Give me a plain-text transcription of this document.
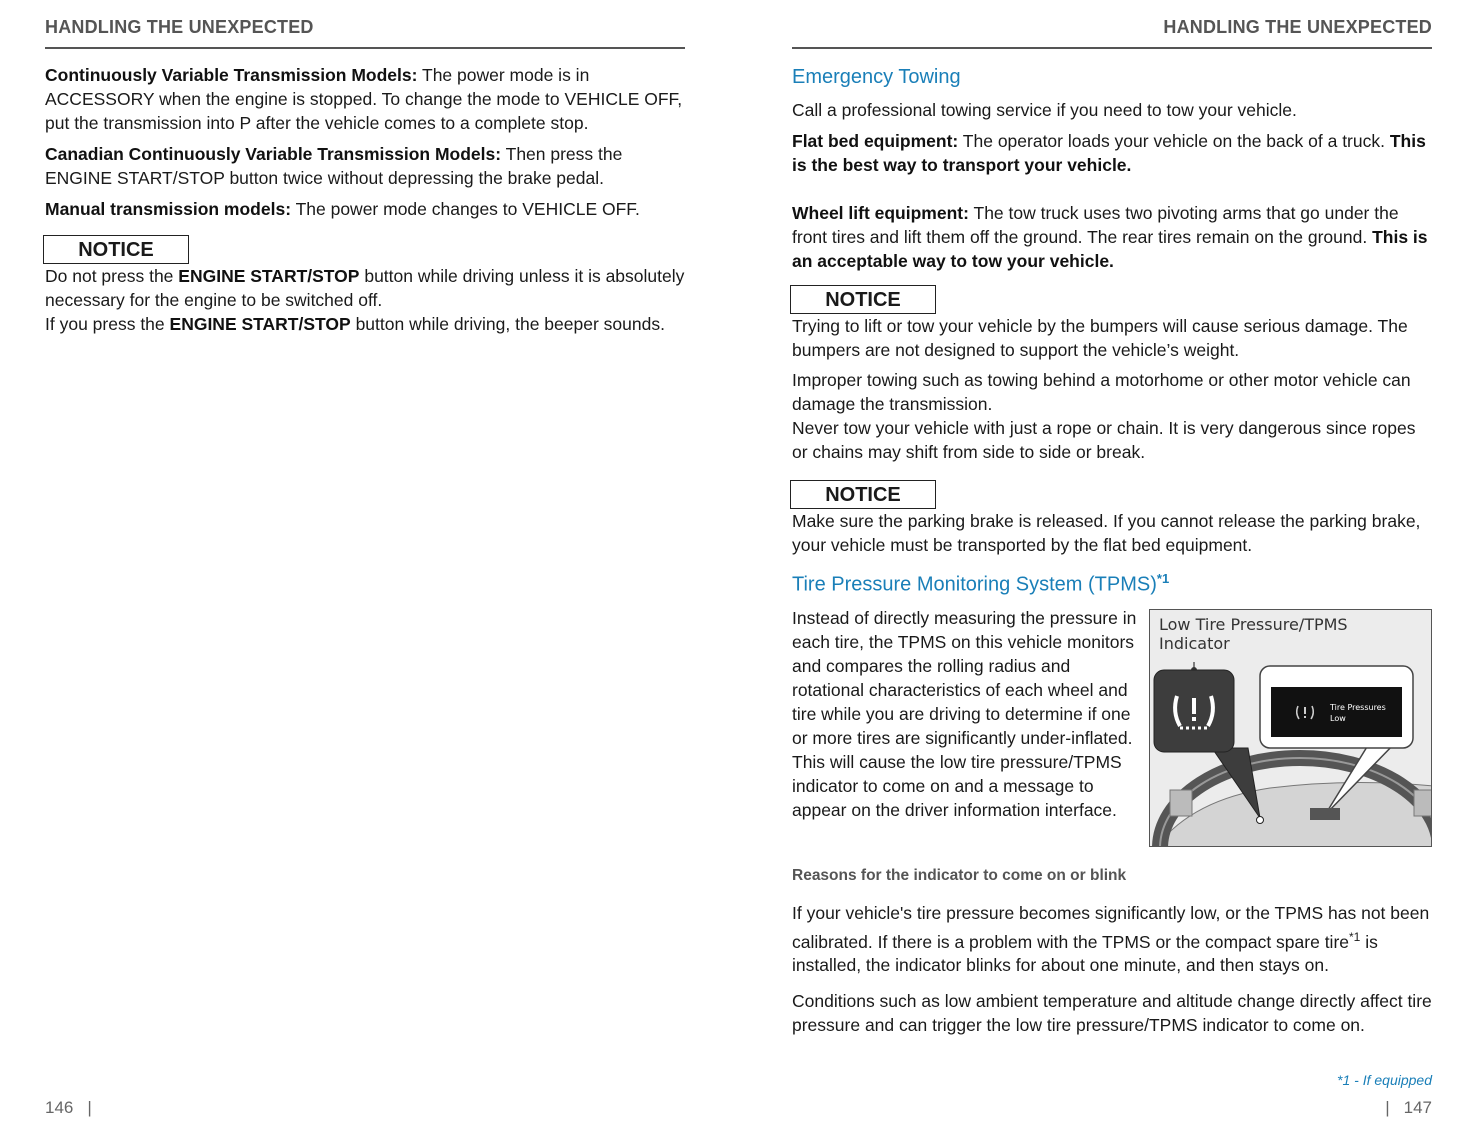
HANDLING THE UNEXPECTED

Continuously Variable Transmission Models: The power mode is in ACCESSORY when the engine is stopped. To change the mode to VEHICLE OFF, put the transmission into P after the vehicle comes to a complete stop.

Canadian Continuously Variable Transmission Models: Then press the ENGINE START/STOP button twice without depressing the brake pedal.

Manual transmission models: The power mode changes to VEHICLE OFF.

NOTICE

Do not press the ENGINE START/STOP button while driving unless it is absolutely necessary for the engine to be switched off.

If you press the ENGINE START/STOP button while driving, the beeper sounds.

146 |
HANDLING THE UNEXPECTED
Emergency Towing

Call a professional towing service if you need to tow your vehicle.

Flat bed equipment: The operator loads your vehicle on the back of a truck. This is the best way to transport your vehicle.

Wheel lift equipment: The tow truck uses two pivoting arms that go under the front tires and lift them off the ground. The rear tires remain on the ground. This is an acceptable way to tow your vehicle.

NOTICE

Trying to lift or tow your vehicle by the bumpers will cause serious damage. The bumpers are not designed to support the vehicle’s weight.

Improper towing such as towing behind a motorhome or other motor vehicle can damage the transmission.

Never tow your vehicle with just a rope or chain. It is very dangerous since ropes or chains may shift from side to side or break.

NOTICE

Make sure the parking brake is released. If you cannot release the parking brake, your vehicle must be transported by the flat bed equipment.

Tire Pressure Monitoring System (TPMS)$^{*1}$

Instead of directly measuring the pressure in each tire, the TPMS on this vehicle monitors and compares the rolling radius and rotational characteristics of each wheel and tire while you are driving to determine if one or more tires are significantly under-inflated. This will cause the low tire pressure/TPMS indicator to come on and a message to appear on the driver information interface.

Low Tire Pressure/TPMS
Indicator
Tire Pressures
Low
Reasons for the indicator to come on or blink

If your vehicle's tire pressure becomes significantly low, or the TPMS has not been calibrated. If there is a problem with the TPMS or the compact spare tire$^{*1}$ is installed, the indicator blinks for about one minute, and then stays on.

Conditions such as low ambient temperature and altitude change directly affect tire pressure and can trigger the low tire pressure/TPMS indicator to come on.

*1 - If equipped
| 147
